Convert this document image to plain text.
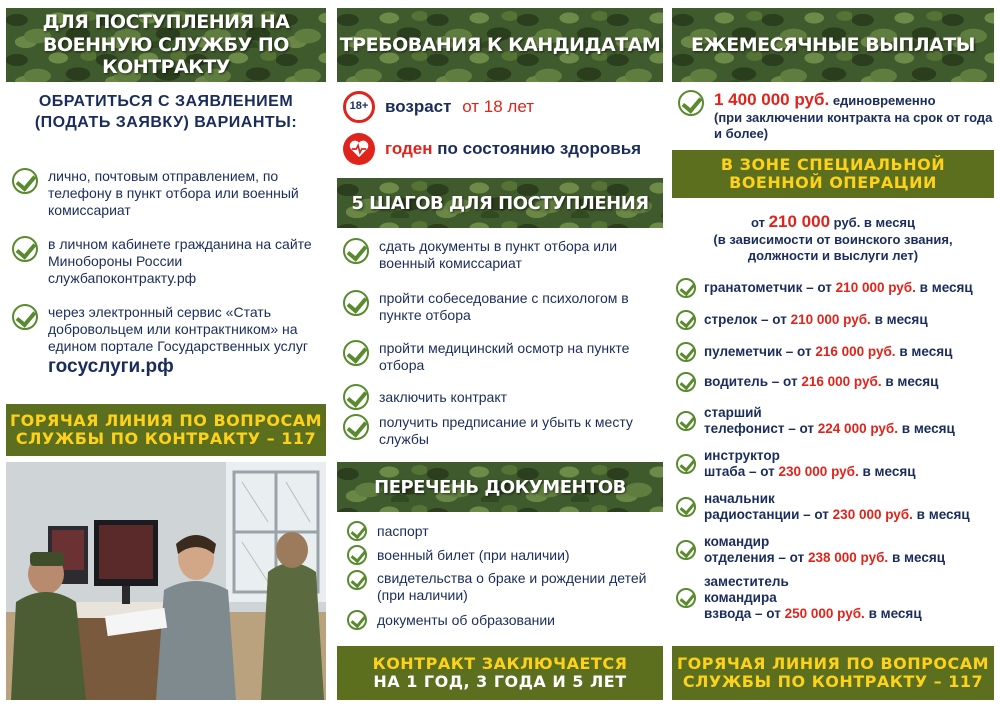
ДЛЯ ПОСТУПЛЕНИЯ НА ВОЕННУЮ СЛУЖБУ ПО КОНТРАКТУ
ОБРАТИТЬСЯ С ЗАЯВЛЕНИЕМ (ПОДАТЬ ЗАЯВКУ) ВАРИАНТЫ:
лично, почтовым отправлением, по телефону в пункт отбора или военный комиссариат
в личном кабинете гражданина на сайте Минобороны России службапоконтракту.рф
через электронный сервис «Стать добровольцем или контрактником» на едином портале Государственных услуг
госуслуги.рф
ГОРЯЧАЯ ЛИНИЯ ПО ВОПРОСАМ
СЛУЖБЫ ПО КОНТРАКТУ – 117
ТРЕБОВАНИЯ К КАНДИДАТАМ
18+ возраст от 18 лет
годен по состоянию здоровья
5 ШАГОВ ДЛЯ ПОСТУПЛЕНИЯ
сдать документы в пункт отбора или военный комиссариат
пройти собеседование с психологом в пункте отбора
пройти медицинский осмотр на пункте отбора
заключить контракт
получить предписание и убыть к месту службы
ПЕРЕЧЕНЬ ДОКУМЕНТОВ
паспорт
военный билет (при наличии)
свидетельства о браке и рождении детей (при наличии)
документы об образовании
КОНТРАКТ ЗАКЛЮЧАЕТСЯ
НА 1 ГОД, 3 ГОДА И 5 ЛЕТ
ЕЖЕМЕСЯЧНЫЕ ВЫПЛАТЫ
1 400 000 руб. единовременно
(при заключении контракта на срок от года и более)
В ЗОНЕ СПЕЦИАЛЬНОЙ
ВОЕННОЙ ОПЕРАЦИИ
от 210 000 руб. в месяц
(в зависимости от воинского звания, должности и выслуги лет)
гранатометчик – от 210 000 руб. в месяц
стрелок – от 210 000 руб. в месяц
пулеметчик – от 216 000 руб. в месяц
водитель – от 216 000 руб. в месяц
старший
телефонист – от 224 000 руб. в месяц
инструктор
штаба – от 230 000 руб. в месяц
начальник
радиостанции – от 230 000 руб. в месяц
командир
отделения – от 238 000 руб. в месяц
заместитель
командира
взвода – от 250 000 руб. в месяц
ГОРЯЧАЯ ЛИНИЯ ПО ВОПРОСАМ
СЛУЖБЫ ПО КОНТРАКТУ – 117
